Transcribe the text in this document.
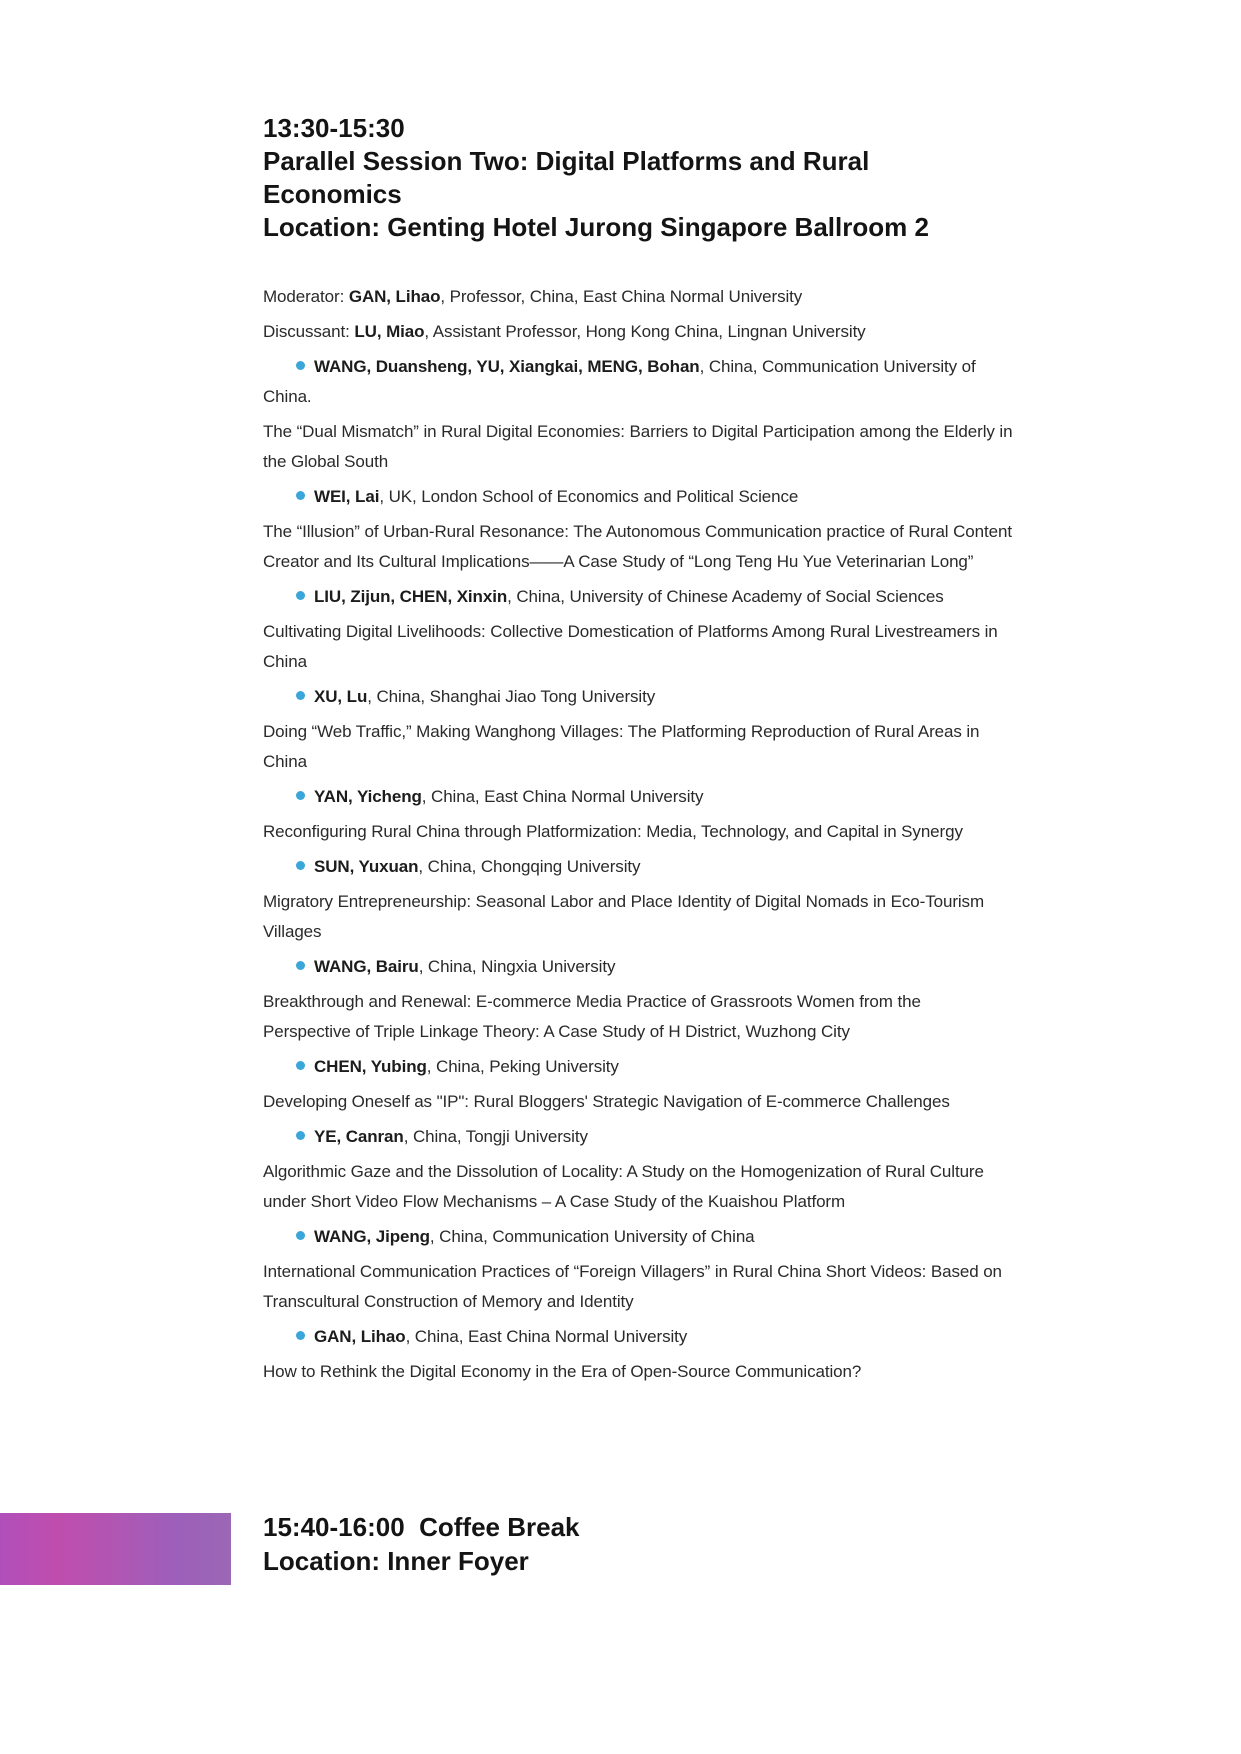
13:30-15:30
Parallel Session Two: Digital Platforms and Rural Economics
Location: Genting Hotel Jurong Singapore Ballroom 2

Moderator: GAN, Lihao, Professor, China, East China Normal University

Discussant: LU, Miao, Assistant Professor, Hong Kong China, Lingnan University

WANG, Duansheng, YU, Xiangkai, MENG, Bohan, China, Communication University of China.

The “Dual Mismatch” in Rural Digital Economies: Barriers to Digital Participation among the Elderly in the Global South

WEI, Lai, UK, London School of Economics and Political Science

The “Illusion” of Urban-Rural Resonance: The Autonomous Communication practice of Rural Content Creator and Its Cultural Implications——A Case Study of “Long Teng Hu Yue Veterinarian Long”

LIU, Zijun, CHEN, Xinxin, China, University of Chinese Academy of Social Sciences

Cultivating Digital Livelihoods: Collective Domestication of Platforms Among Rural Livestreamers in China

XU, Lu, China, Shanghai Jiao Tong University

Doing “Web Traffic,” Making Wanghong Villages: The Platforming Reproduction of Rural Areas in China

YAN, Yicheng, China, East China Normal University

Reconfiguring Rural China through Platformization: Media, Technology, and Capital in Synergy

SUN, Yuxuan, China, Chongqing University

Migratory Entrepreneurship: Seasonal Labor and Place Identity of Digital Nomads in Eco-Tourism Villages

WANG, Bairu, China, Ningxia University

Breakthrough and Renewal: E-commerce Media Practice of Grassroots Women from the Perspective of Triple Linkage Theory: A Case Study of H District, Wuzhong City

CHEN, Yubing, China, Peking University

Developing Oneself as "IP": Rural Bloggers' Strategic Navigation of E-commerce Challenges

YE, Canran, China, Tongji University

Algorithmic Gaze and the Dissolution of Locality: A Study on the Homogenization of Rural Culture under Short Video Flow Mechanisms – A Case Study of the Kuaishou Platform

WANG, Jipeng, China, Communication University of China

International Communication Practices of “Foreign Villagers” in Rural China Short Videos: Based on Transcultural Construction of Memory and Identity

GAN, Lihao, China, East China Normal University

How to Rethink the Digital Economy in the Era of Open-Source Communication?

15:40-16:00  Coffee Break
Location: Inner Foyer
